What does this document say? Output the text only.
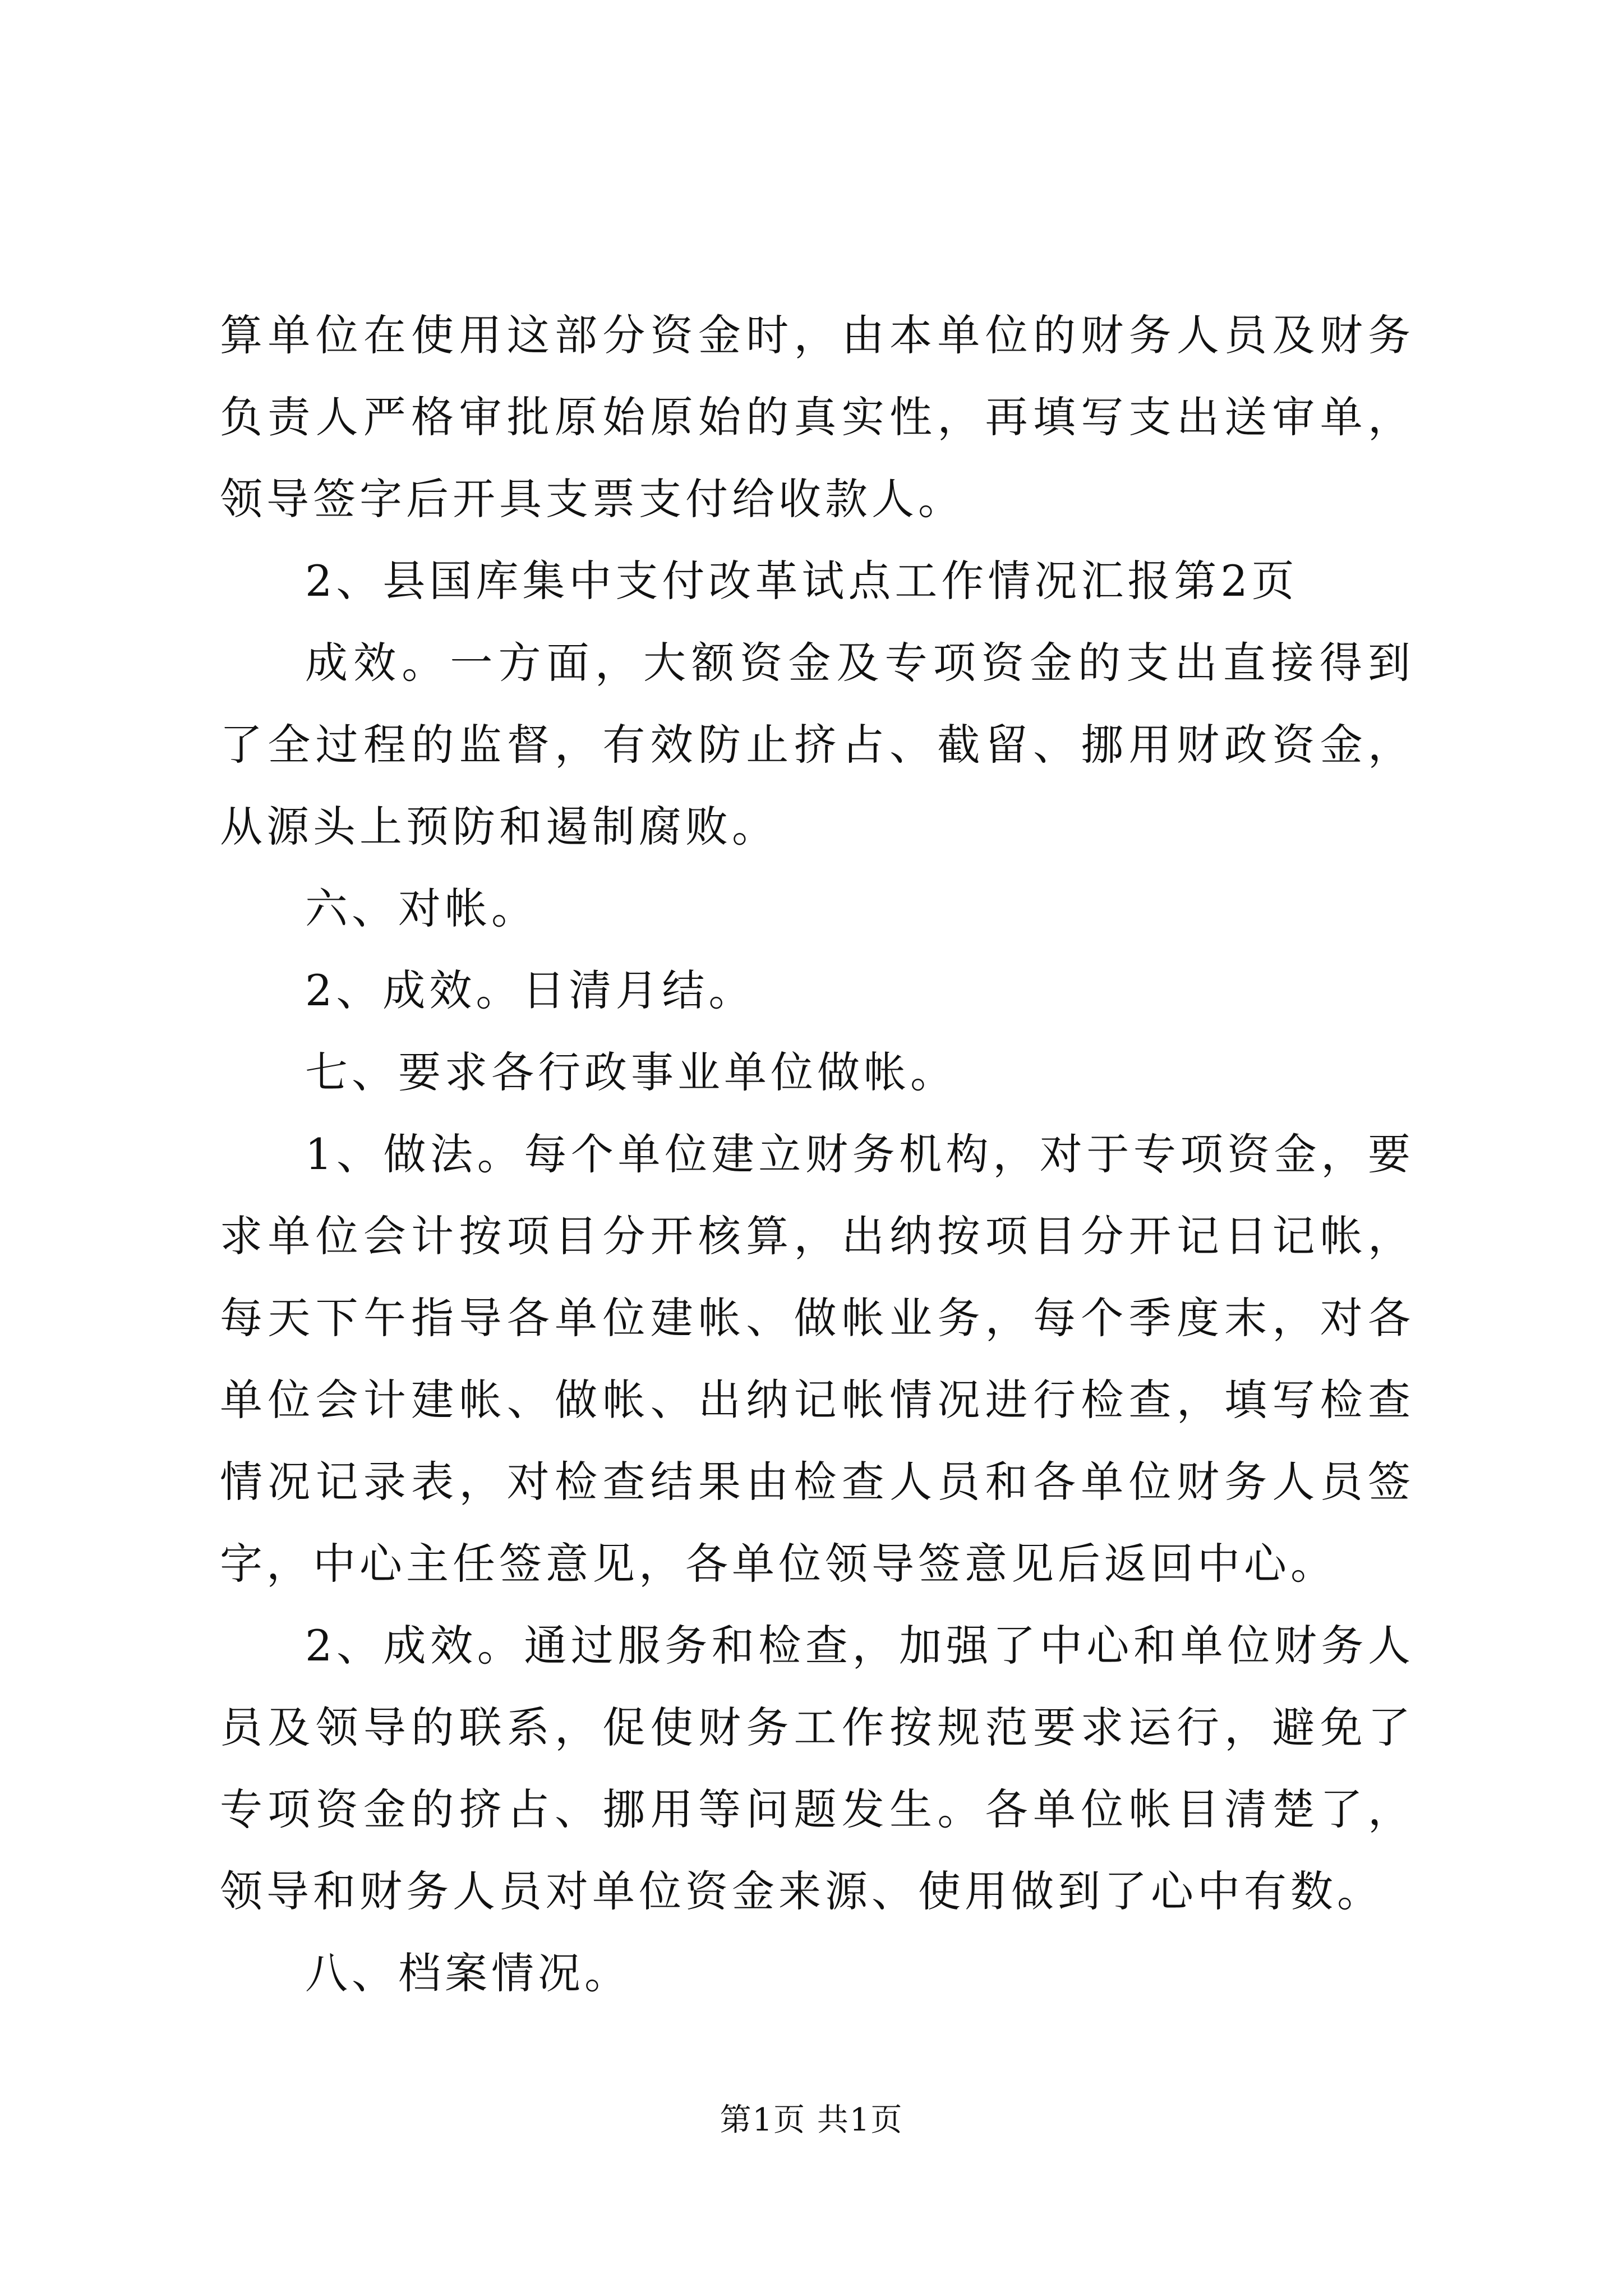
算单位在使用这部分资金时，由本单位的财务人员及财务负责人严格审批原始原始的真实性，再填写支出送审单，领导签字后开具支票支付给收款人。

2、县国库集中支付改革试点工作情况汇报第2页

成效。一方面，大额资金及专项资金的支出直接得到了全过程的监督，有效防止挤占、截留、挪用财政资金，从源头上预防和遏制腐败。

六、对帐。

2、成效。日清月结。

七、要求各行政事业单位做帐。

1、做法。每个单位建立财务机构，对于专项资金，要求单位会计按项目分开核算，出纳按项目分开记日记帐，每天下午指导各单位建帐、做帐业务，每个季度末，对各单位会计建帐、做帐、出纳记帐情况进行检查，填写检查情况记录表，对检查结果由检查人员和各单位财务人员签字，中心主任签意见，各单位领导签意见后返回中心。

2、成效。通过服务和检查，加强了中心和单位财务人员及领导的联系，促使财务工作按规范要求运行，避免了专项资金的挤占、挪用等问题发生。各单位帐目清楚了，领导和财务人员对单位资金来源、使用做到了心中有数。

八、档案情况。

第1页 共1页
